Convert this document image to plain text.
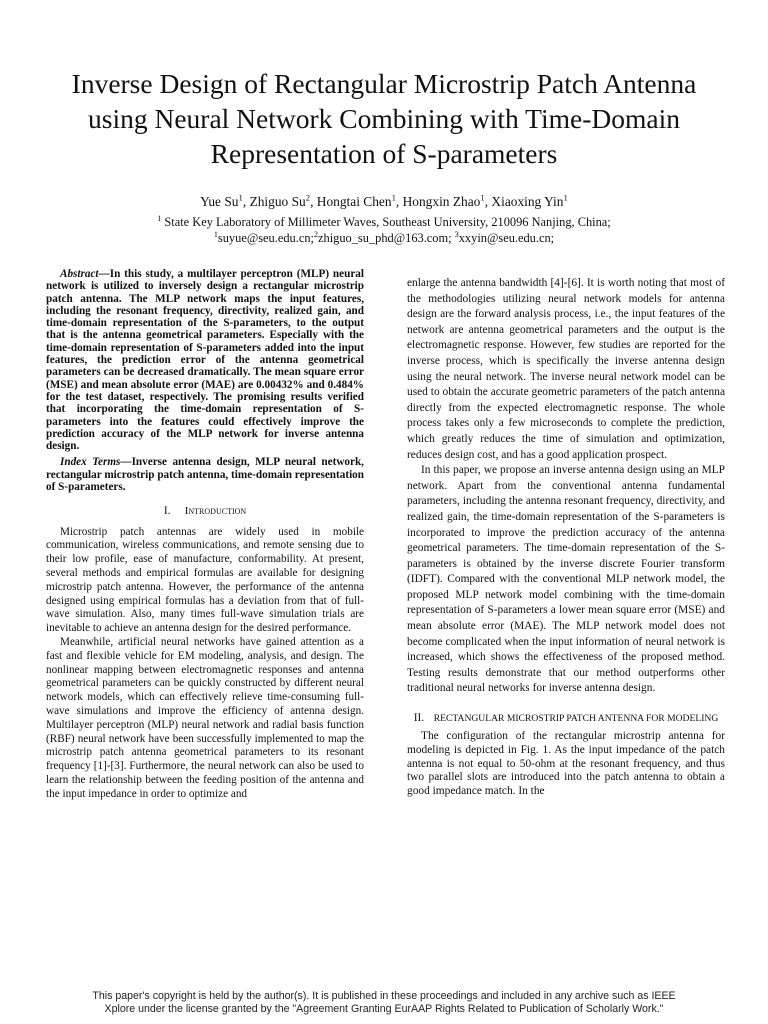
Inverse Design of Rectangular Microstrip Patch Antenna using Neural Network Combining with Time-Domain Representation of S-parameters
Yue Su$^1$, Zhiguo Su$^2$, Hongtai Chen$^1$, Hongxin Zhao$^1$, Xiaoxing Yin$^1$
$^1$ State Key Laboratory of Millimeter Waves, Southeast University, 210096 Nanjing, China;
$^1$suyue@seu.edu.cn;$^2$zhiguo_su_phd@163.com; $^3$xxyin@seu.edu.cn;

Abstract—In this study, a multilayer perceptron (MLP) neural network is utilized to inversely design a rectangular microstrip patch antenna. The MLP network maps the input features, including the resonant frequency, directivity, realized gain, and time-domain representation of the S-parameters, to the output that is the antenna geometrical parameters. Especially with the time-domain representation of S-parameters added into the input features, the prediction error of the antenna geometrical parameters can be decreased dramatically. The mean square error (MSE) and mean absolute error (MAE) are 0.00432% and 0.484% for the test dataset, respectively. The promising results verified that incorporating the time-domain representation of S-parameters into the features could effectively improve the prediction accuracy of the MLP network for inverse antenna design.

Index Terms—Inverse antenna design, MLP neural network, rectangular microstrip patch antenna, time-domain representation of S-parameters.

I. Introduction

Microstrip patch antennas are widely used in mobile communication, wireless communications, and remote sensing due to their low profile, ease of manufacture, conformability. At present, several methods and empirical formulas are available for designing microstrip patch antenna. However, the performance of the antenna designed using empirical formulas has a deviation from that of full-wave simulation. Also, many times full-wave simulation trials are inevitable to achieve an antenna design for the desired performance.

Meanwhile, artificial neural networks have gained attention as a fast and flexible vehicle for EM modeling, analysis, and design. The nonlinear mapping between electromagnetic responses and antenna geometrical parameters can be quickly constructed by different neural network models, which can effectively relieve time-consuming full-wave simulations and improve the efficiency of antenna design. Multilayer perceptron (MLP) neural network and radial basis function (RBF) neural network have been successfully implemented to map the microstrip patch antenna geometrical parameters to its resonant frequency [1]-[3]. Furthermore, the neural network can also be used to learn the relationship between the feeding position of the antenna and the input impedance in order to optimize and

enlarge the antenna bandwidth [4]-[6]. It is worth noting that most of the methodologies utilizing neural network models for antenna design are the forward analysis process, i.e., the input features of the network are antenna geometrical parameters and the output is the electromagnetic response. However, few studies are reported for the inverse process, which is specifically the inverse antenna design using the neural network. The inverse neural network model can be used to obtain the accurate geometric parameters of the patch antenna directly from the expected electromagnetic response. The whole process takes only a few microseconds to complete the prediction, which greatly reduces the time of simulation and optimization, reduces design cost, and has a good application prospect.

In this paper, we propose an inverse antenna design using an MLP network. Apart from the conventional antenna fundamental parameters, including the antenna resonant frequency, directivity, and realized gain, the time-domain representation of the S-parameters is incorporated to improve the prediction accuracy of the antenna geometrical parameters. The time-domain representation of the S-parameters is obtained by the inverse discrete Fourier transform (IDFT). Compared with the conventional MLP network model, the proposed MLP network model combining with the time-domain representation of S-parameters a lower mean square error (MSE) and mean absolute error (MAE). The MLP network model does not become complicated when the input information of neural network is increased, which shows the effectiveness of the proposed method. Testing results demonstrate that our method outperforms other traditional neural networks for inverse antenna design.

II. RECTANGULAR MICROSTRIP PATCH ANTENNA FOR MODELING

The configuration of the rectangular microstrip antenna for modeling is depicted in Fig. 1. As the input impedance of the patch antenna is not equal to 50-ohm at the resonant frequency, and thus two parallel slots are introduced into the patch antenna to obtain a good impedance match. In the

This paper's copyright is held by the author(s). It is published in these proceedings and included in any archive such as IEEE
Xplore under the license granted by the "Agreement Granting EurAAP Rights Related to Publication of Scholarly Work."
